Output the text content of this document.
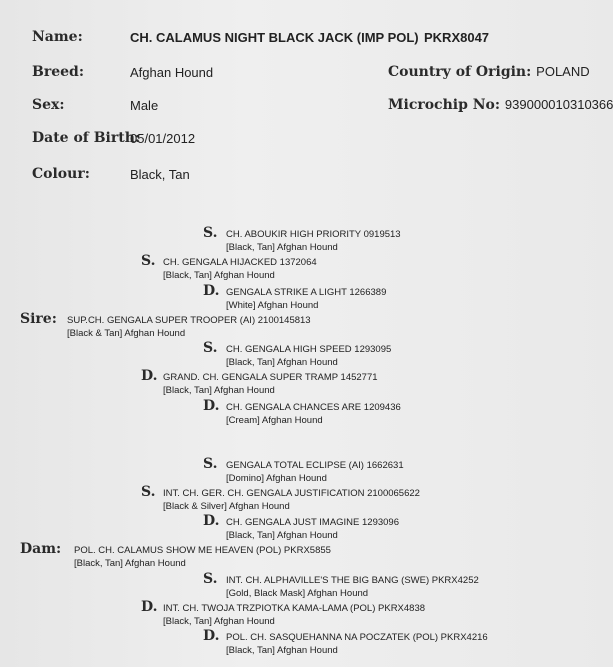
Name:	CH. CALAMUS NIGHT BLACK JACK (IMP POL) PKRX8047
Breed:	Afghan Hound	Country of Origin: POLAND
Sex:	Male	Microchip No: 939000010310366
Date of Birth:
05/01/2012
Colour:	Black, Tan
S. CH. ABOUKIR HIGH PRIORITY 0919513
[Black, Tan] Afghan Hound
S. CH. GENGALA HIJACKED 1372064
[Black, Tan] Afghan Hound
D. GENGALA STRIKE A LIGHT 1266389
[White] Afghan Hound
Sire: SUP.CH. GENGALA SUPER TROOPER (AI) 2100145813
[Black & Tan] Afghan Hound
S. CH. GENGALA HIGH SPEED 1293095
[Black, Tan] Afghan Hound
D. GRAND. CH. GENGALA SUPER TRAMP 1452771
[Black, Tan] Afghan Hound
D. CH. GENGALA CHANCES ARE 1209436
[Cream] Afghan Hound
S. GENGALA TOTAL ECLIPSE (AI) 1662631
[Domino] Afghan Hound
S. INT. CH. GER. CH. GENGALA JUSTIFICATION 2100065622
[Black & Silver] Afghan Hound
D. CH. GENGALA JUST IMAGINE 1293096
[Black, Tan] Afghan Hound
Dam: POL. CH. CALAMUS SHOW ME HEAVEN (POL) PKRX5855
[Black, Tan] Afghan Hound
S. INT. CH. ALPHAVILLE'S THE BIG BANG (SWE) PKRX4252
[Gold, Black Mask] Afghan Hound
D. INT. CH. TWOJA TRZPIOTKA KAMA-LAMA (POL) PKRX4838
[Black, Tan] Afghan Hound
D. POL. CH. SASQUEHANNA NA POCZATEK (POL) PKRX4216
[Black, Tan] Afghan Hound
